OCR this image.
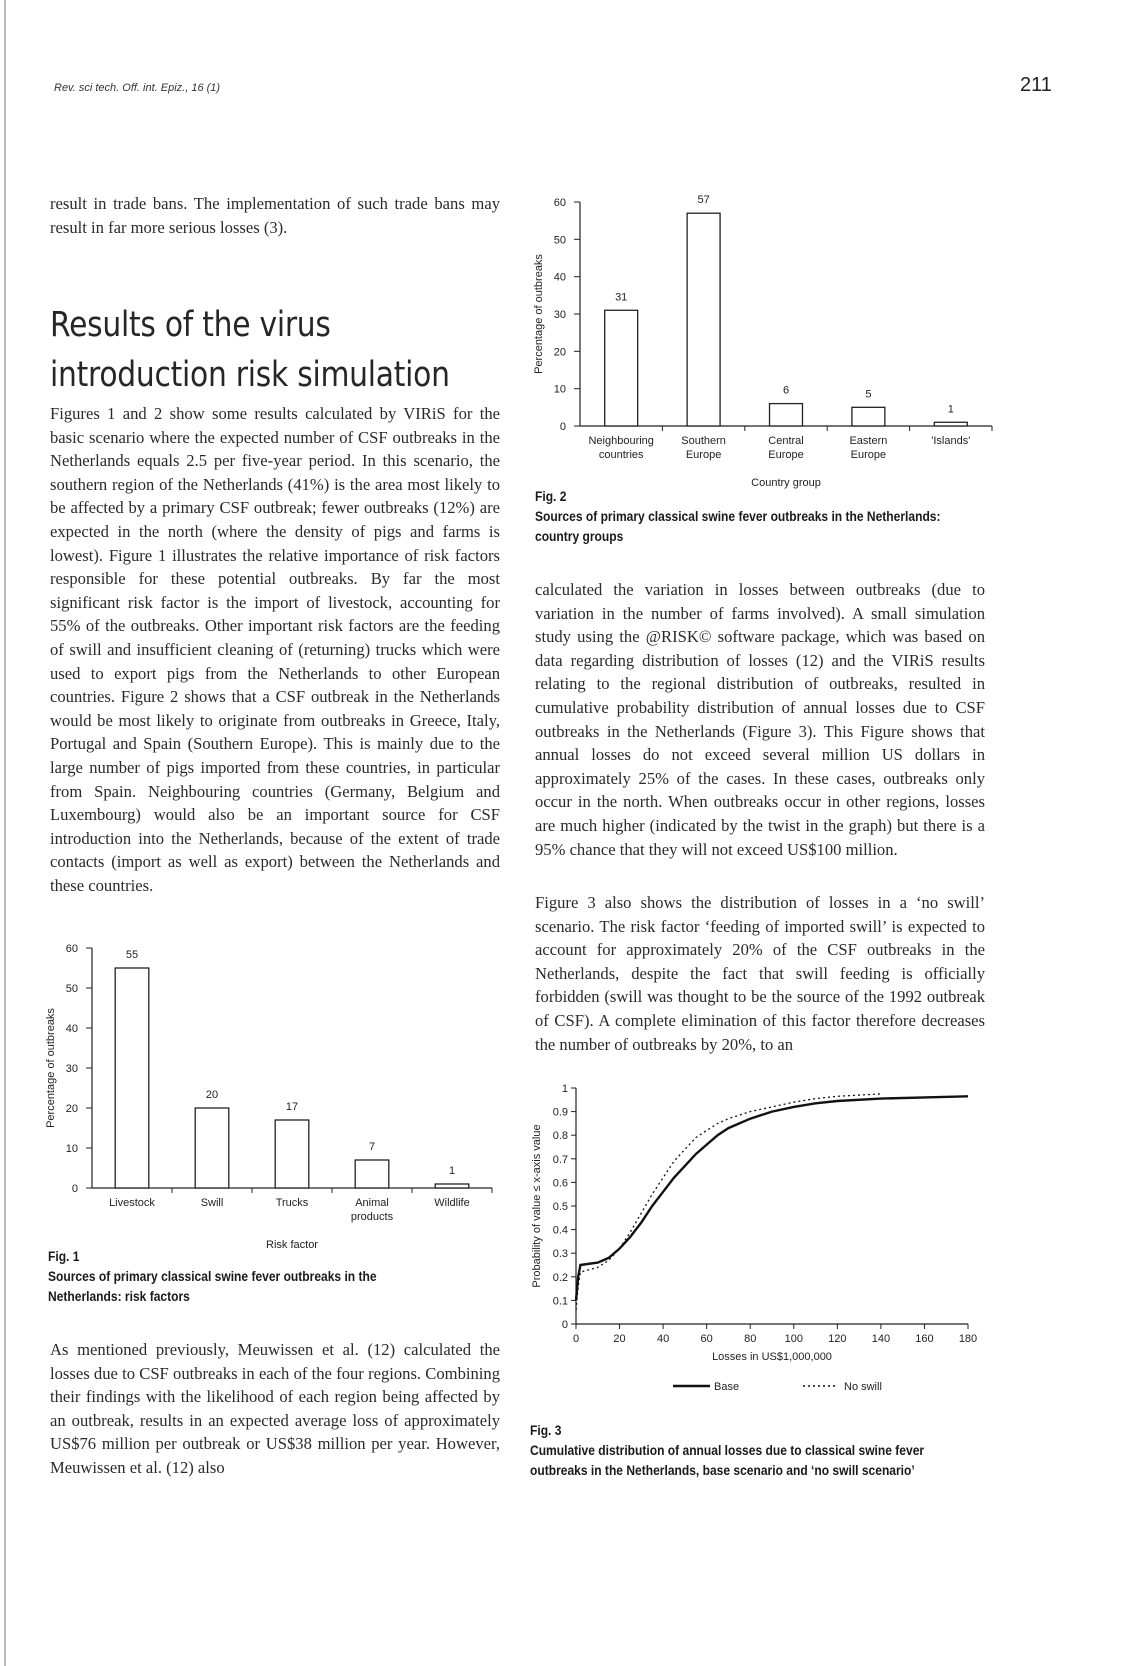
Rev. sci tech. Off. int. Epiz., 16 (1)	211

result in trade bans. The implementation of such trade bans may result in far more serious losses (3).

Results of the virus introduction risk simulation

Figures 1 and 2 show some results calculated by VIRiS for the basic scenario where the expected number of CSF outbreaks in the Netherlands equals 2.5 per five-year period. In this scenario, the southern region of the Netherlands (41%) is the area most likely to be affected by a primary CSF outbreak; fewer outbreaks (12%) are expected in the north (where the density of pigs and farms is lowest). Figure 1 illustrates the relative importance of risk factors responsible for these potential outbreaks. By far the most significant risk factor is the import of livestock, accounting for 55% of the outbreaks. Other important risk factors are the feeding of swill and insufficient cleaning of (returning) trucks which were used to export pigs from the Netherlands to other European countries. Figure 2 shows that a CSF outbreak in the Netherlands would be most likely to originate from outbreaks in Greece, Italy, Portugal and Spain (Southern Europe). This is mainly due to the large number of pigs imported from these countries, in particular from Spain. Neighbouring countries (Germany, Belgium and Luxembourg) would also be an important source for CSF introduction into the Netherlands, because of the extent of trade contacts (import as well as export) between the Netherlands and these countries.

0
10
20
30
40
50
60
Percentage of outbreaks
55
Livestock
20
Swill
17
Trucks
7
Animal
products
1
Wildlife
Risk factor
Fig. 1
Sources of primary classical swine fever outbreaks in the Netherlands: risk factors

As mentioned previously, Meuwissen et al. (12) calculated the losses due to CSF outbreaks in each of the four regions. Combining their findings with the likelihood of each region being affected by an outbreak, results in an expected average loss of approximately US$76 million per outbreak or US$38 million per year. However, Meuwissen et al. (12) also

0
10
20
30
40
50
60
Percentage of outbreaks	31
Neighbouring
countries
57
Southern
Europe
6
Central
Europe
5
Eastern
Europe
1
'Islands'
Country group
Fig. 2
Sources of primary classical swine fever outbreaks in the Netherlands: country groups

calculated the variation in losses between outbreaks (due to variation in the number of farms involved). A small simulation study using the @RISK© software package, which was based on data regarding distribution of losses (12) and the VIRiS results relating to the regional distribution of outbreaks, resulted in cumulative probability distribution of annual losses due to CSF outbreaks in the Netherlands (Figure 3). This Figure shows that annual losses do not exceed several million US dollars in approximately 25% of the cases. In these cases, outbreaks only occur in the north. When outbreaks occur in other regions, losses are much higher (indicated by the twist in the graph) but there is a 95% chance that they will not exceed US$100 million.

Figure 3 also shows the distribution of losses in a ‘no swill’ scenario. The risk factor ‘feeding of imported swill’ is expected to account for approximately 20% of the CSF outbreaks in the Netherlands, despite the fact that swill feeding is officially forbidden (swill was thought to be the source of the 1992 outbreak of CSF). A complete elimination of this factor therefore decreases the number of outbreaks by 20%, to an

0
0.1
0.2
0.3
0.4
0.5
0.6
0.7
0.8
0.9
1
0	20	40	60	80	100 120 140 160 180
Losses in US$1,000,000
Probability of value ≤ x-axis value
Base	No swill
Fig. 3
Cumulative distribution of annual losses due to classical swine fever outbreaks in the Netherlands, base scenario and ‘no swill scenario’
